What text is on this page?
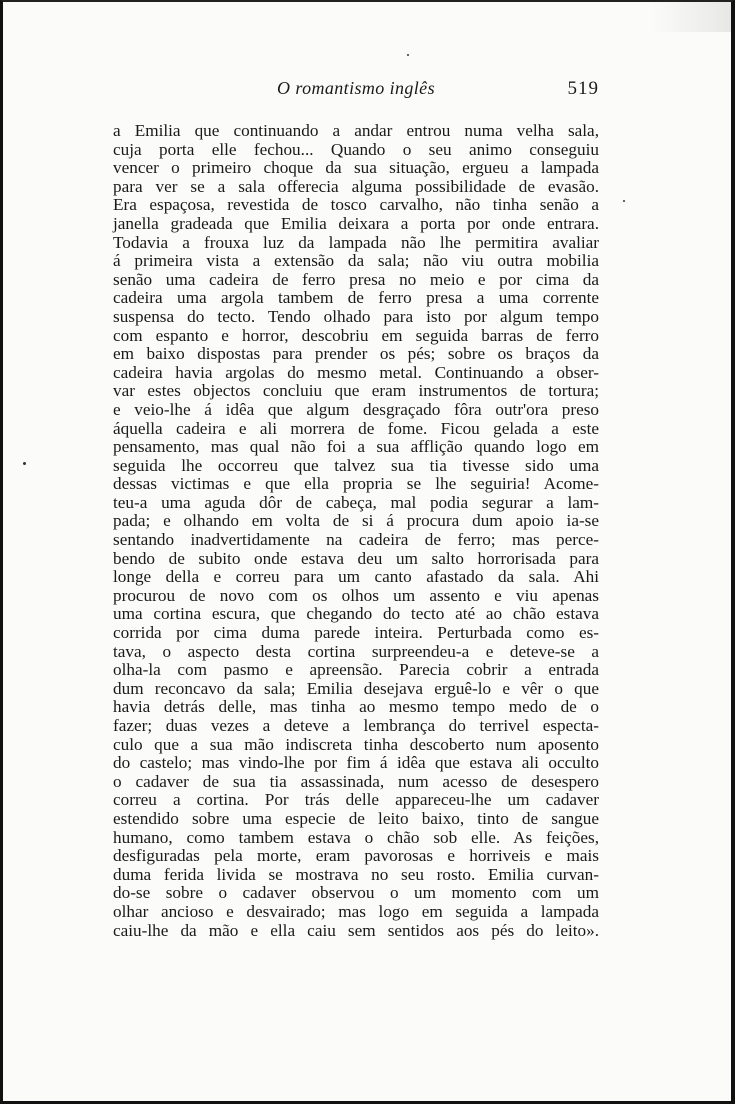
O romantismo inglês	519
a Emilia que continuando a andar entrou numa velha sala,
cuja porta elle fechou... Quando o seu animo conseguiu
vencer o primeiro choque da sua situação, ergueu a lampada
para ver se a sala offerecia alguma possibilidade de evasão.
Era espaçosa, revestida de tosco carvalho, não tinha senão a
janella gradeada que Emilia deixara a porta por onde entrara.
Todavia a frouxa luz da lampada não lhe permitira avaliar
á primeira vista a extensão da sala; não viu outra mobilia
senão uma cadeira de ferro presa no meio e por cima da
cadeira uma argola tambem de ferro presa a uma corrente
suspensa do tecto. Tendo olhado para isto por algum tempo
com espanto e horror, descobriu em seguida barras de ferro
em baixo dispostas para prender os pés; sobre os braços da
cadeira havia argolas do mesmo metal. Continuando a obser-
var estes objectos concluiu que eram instrumentos de tortura;
e veio-lhe á idêa que algum desgraçado fôra outr'ora preso
áquella cadeira e ali morrera de fome. Ficou gelada a este
pensamento, mas qual não foi a sua afflição quando logo em
seguida lhe occorreu que talvez sua tia tivesse sido uma
dessas victimas e que ella propria se lhe seguiria! Acome-
teu-a uma aguda dôr de cabeça, mal podia segurar a lam-
pada; e olhando em volta de si á procura dum apoio ia-se
sentando inadvertidamente na cadeira de ferro; mas perce-
bendo de subito onde estava deu um salto horrorisada para
longe della e correu para um canto afastado da sala. Ahi
procurou de novo com os olhos um assento e viu apenas
uma cortina escura, que chegando do tecto até ao chão estava
corrida por cima duma parede inteira. Perturbada como es-
tava, o aspecto desta cortina surpreendeu-a e deteve-se a
olha-la com pasmo e apreensão. Parecia cobrir a entrada
dum reconcavo da sala; Emilia desejava erguê-lo e vêr o que
havia detrás delle, mas tinha ao mesmo tempo medo de o
fazer; duas vezes a deteve a lembrança do terrivel especta-
culo que a sua mão indiscreta tinha descoberto num aposento
do castelo; mas vindo-lhe por fim á idêa que estava ali occulto
o cadaver de sua tia assassinada, num acesso de desespero
correu a cortina. Por trás delle appareceu-lhe um cadaver
estendido sobre uma especie de leito baixo, tinto de sangue
humano, como tambem estava o chão sob elle. As feições,
desfiguradas pela morte, eram pavorosas e horriveis e mais
duma ferida livida se mostrava no seu rosto. Emilia curvan-
do-se sobre o cadaver observou o um momento com um
olhar ancioso e desvairado; mas logo em seguida a lampada
caiu-lhe da mão e ella caiu sem sentidos aos pés do leito».
